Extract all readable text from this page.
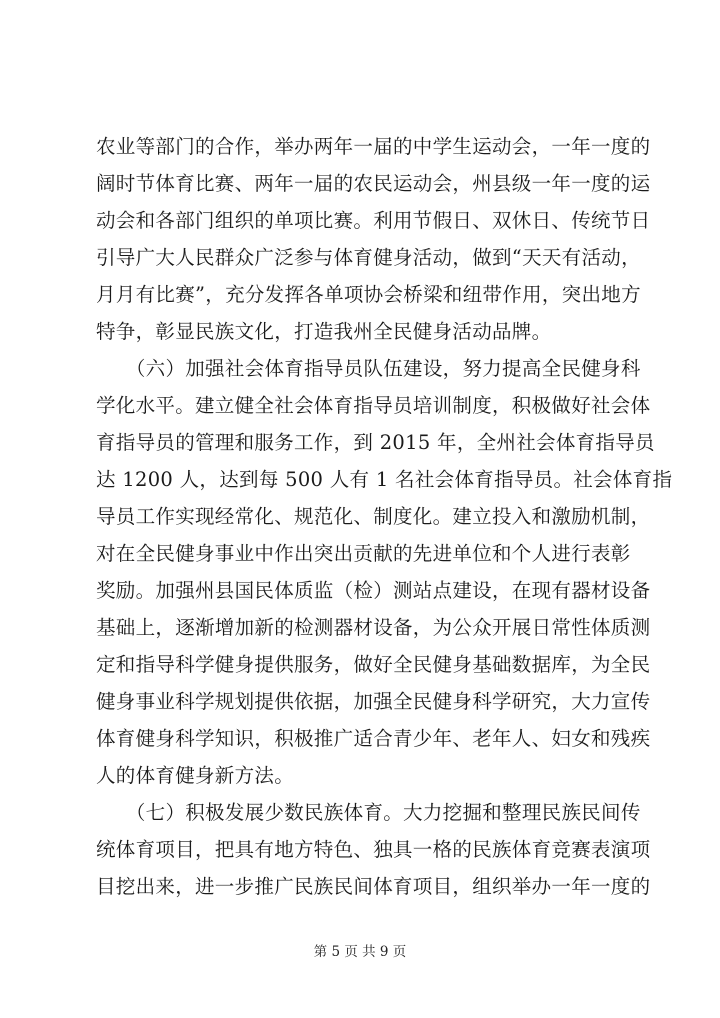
农业等部门的合作，举办两年一届的中学生运动会，一年一度的
阔时节体育比赛、两年一届的农民运动会，州县级一年一度的运
动会和各部门组织的单项比赛。利用节假日、双休日、传统节日
引导广大人民群众广泛参与体育健身活动，做到“天天有活动，
月月有比赛”，充分发挥各单项协会桥梁和纽带作用，突出地方
特争，彰显民族文化，打造我州全民健身活动品牌。
　　（六）加强社会体育指导员队伍建设，努力提高全民健身科
学化水平。建立健全社会体育指导员培训制度，积极做好社会体
育指导员的管理和服务工作，到 2015 年，全州社会体育指导员
达 1200 人，达到每 500 人有 1 名社会体育指导员。社会体育指
导员工作实现经常化、规范化、制度化。建立投入和激励机制，
对在全民健身事业中作出突出贡献的先进单位和个人进行表彰
奖励。加强州县国民体质监（检）测站点建设，在现有器材设备
基础上，逐渐增加新的检测器材设备，为公众开展日常性体质测
定和指导科学健身提供服务，做好全民健身基础数据库，为全民
健身事业科学规划提供依据，加强全民健身科学研究，大力宣传
体育健身科学知识，积极推广适合青少年、老年人、妇女和残疾
人的体育健身新方法。
　　（七）积极发展少数民族体育。大力挖掘和整理民族民间传
统体育项目，把具有地方特色、独具一格的民族体育竞赛表演项
目挖出来，进一步推广民族民间体育项目，组织举办一年一度的
第 5 页 共 9 页
